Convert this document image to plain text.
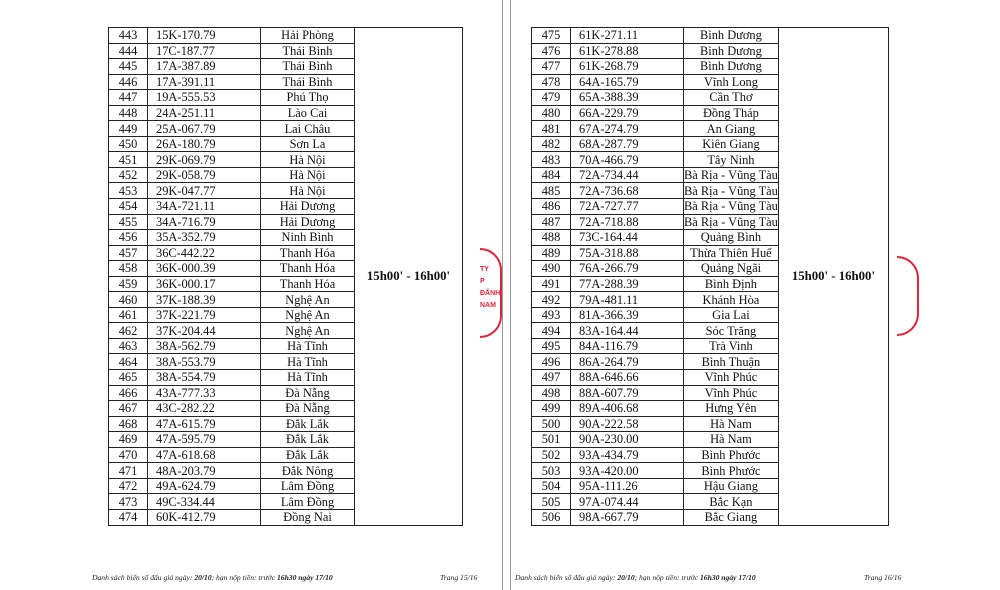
443	15K-170.79	Hải Phòng	15h00' - 16h00'
444	17C-187.77	Thái Bình	
445	17A-387.89	Thái Bình	
446	17A-391.11	Thái Bình	
447	19A-555.53	Phú Thọ	
448	24A-251.11	Lào Cai	
449	25A-067.79	Lai Châu	
450	26A-180.79	Sơn La	
451	29K-069.79	Hà Nội	
452	29K-058.79	Hà Nội	
453	29K-047.77	Hà Nội	
454	34A-721.11	Hải Dương	
455	34A-716.79	Hải Dương	
456	35A-352.79	Ninh Bình	
457	36C-442.22	Thanh Hóa	
458	36K-000.39	Thanh Hóa	
459	36K-000.17	Thanh Hóa	
460	37K-188.39	Nghệ An	
461	37K-221.79	Nghệ An	
462	37K-204.44	Nghệ An	
463	38A-562.79	Hà Tĩnh	
464	38A-553.79	Hà Tĩnh	
465	38A-554.79	Hà Tĩnh	
466	43A-777.33	Đà Nẵng	
467	43C-282.22	Đà Nẵng	
468	47A-615.79	Đắk Lắk	
469	47A-595.79	Đắk Lắk	
470	47A-618.68	Đắk Lắk	
471	48A-203.79	Đắk Nông	
472	49A-624.79	Lâm Đồng	
473	49C-334.44	Lâm Đồng	
474	60K-412.79	Đồng Nai	
TY
P ĐẤNH
NAM
Danh sách biển số đấu giá ngày: 20/10; hạn nộp tiền: trước 16h30 ngày 17/10	Trang 15/16
475	61K-271.11	Bình Dương	15h00' - 16h00'
476	61K-278.88	Bình Dương	
477	61K-268.79	Bình Dương	
478	64A-165.79	Vĩnh Long	
479	65A-388.39	Cần Thơ	
480	66A-229.79	Đồng Tháp	
481	67A-274.79	An Giang	
482	68A-287.79	Kiên Giang	
483	70A-466.79	Tây Ninh	
484	72A-734.44	Bà Rịa - Vũng Tàu	
485	72A-736.68	Bà Rịa - Vũng Tàu	
486	72A-727.77	Bà Rịa - Vũng Tàu	
487	72A-718.88	Bà Rịa - Vũng Tàu	
488	73C-164.44	Quảng Bình	
489	75A-318.88	Thừa Thiên Huế	
490	76A-266.79	Quảng Ngãi	
491	77A-288.39	Bình Định	
492	79A-481.11	Khánh Hòa	
493	81A-366.39	Gia Lai	
494	83A-164.44	Sóc Trăng	
495	84A-116.79	Trà Vinh	
496	86A-264.79	Bình Thuận	
497	88A-646.66	Vĩnh Phúc	
498	88A-607.79	Vĩnh Phúc	
499	89A-406.68	Hưng Yên	
500	90A-222.58	Hà Nam	
501	90A-230.00	Hà Nam	
502	93A-434.79	Bình Phước	
503	93A-420.00	Bình Phước	
504	95A-111.26	Hậu Giang	
505	97A-074.44	Bắc Kạn	
506	98A-667.79	Bắc Giang	
Danh sách biển số đấu giá ngày: 20/10; hạn nộp tiền: trước 16h30 ngày 17/10	Trang 16/16
